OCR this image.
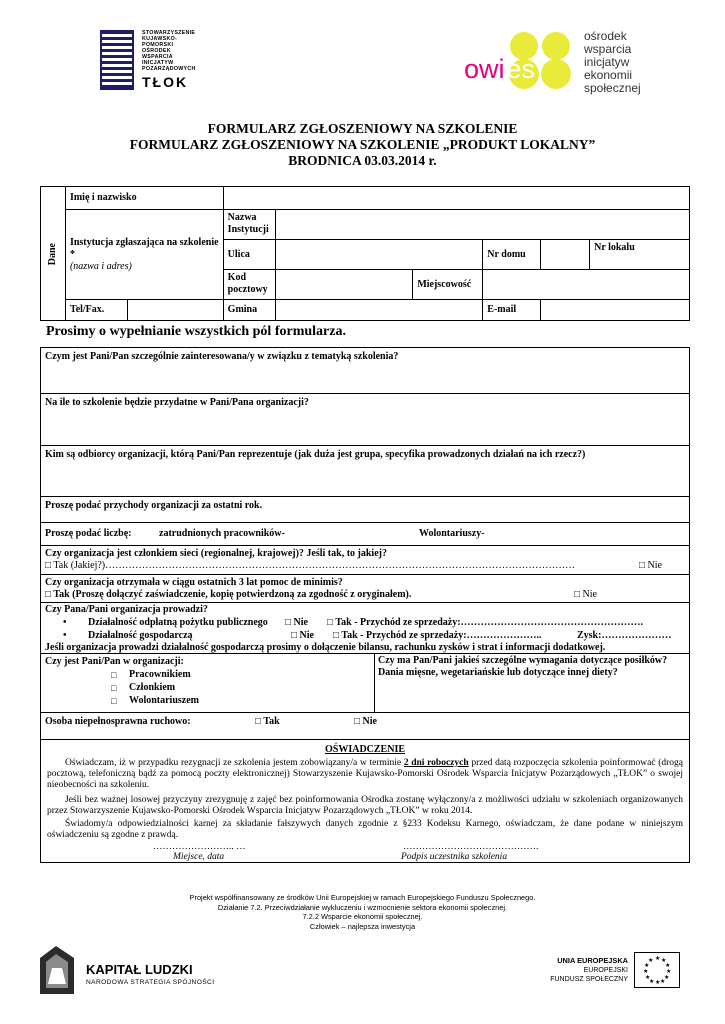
STOWARZYSZENIE
KUJAWSKO-
POMORSKI
OŚRODEK
WSPARCIA
INICJATYW
POZARZĄDOWYCH
TŁOK	owies
ośrodek
wsparcia
inicjatyw
ekonomii
społecznej
FORMULARZ ZGŁOSZENIOWY NA SZKOLENIE
FORMULARZ ZGŁOSZENIOWY NA SZKOLENIE „PRODUKT LOKALNY”
BRODNICA 03.03.2014 r.
Dane	Imię i nazwisko							
	Instytucja zgłaszająca na szkolenie *
(nazwa i adres)		Nazwa Instytucji					
			Ulica			Nr domu		Nr lokalu
			Kod pocztowy		Miejscowość			
	Tel/Fax.		Gmina			E-mail		
Prosimy o wypełnianie wszystkich pól formularza.
Czym jest Pani/Pan szczególnie zainteresowana/y w związku z tematyką szkolenia?
Na ile to szkolenie będzie przydatne w Pani/Pana organizacji?
Kim są odbiorcy organizacji, którą Pani/Pan reprezentuje (jak duża jest grupa, specyfika prowadzonych działań na ich rzecz?)
Proszę podać przychody organizacji za ostatni rok.
Proszę podać liczbę:	zatrudnionych pracowników-	Wolontariuszy-
Czy organizacja jest członkiem sieci (regionalnej, krajowej)? Jeśli tak, to jakiej?
□ Tak (Jakiej?)……………………………………………………………………………………………………………………………	□ Nie
Czy organizacja otrzymała w ciągu ostatnich 3 lat pomoc de minimis?
□ Tak (Proszę dołączyć zaświadczenie, kopię potwierdzoną za zgodność z oryginałem).	□ Nie
Czy Pana/Pani organizacja prowadzi?
• Działalność odpłatną pożytku publicznego □ Nie □ Tak - Przychód ze sprzedaży:……………………………………………….
• Działalność gospodarczą	□ Nie □ Tak - Przychód ze sprzedaży:…………………..	Zysk:…………………
Jeśli organizacja prowadzi działalność gospodarczą prosimy o dołączenie bilansu, rachunku zysków i strat i informacji dodatkowej.
Czy jest Pani/Pan w organizacji:
□ Pracownikiem
□ Członkiem
□ Wolontariuszem
Czy ma Pan/Pani jakieś szczególne wymagania dotyczące posiłków? Dania mięsne, wegetariańskie lub dotyczące innej diety?
Osoba niepełnosprawna ruchowo:	□ Tak	□ Nie
OŚWIADCZENIE
Oświadczam, iż w przypadku rezygnacji ze szkolenia jestem zobowiązany/a w terminie 2 dni roboczych przed datą rozpoczęcia szkolenia poinformować (drogą pocztową, telefoniczną bądź za pomocą poczty elektronicznej) Stowarzyszenie Kujawsko-Pomorski Ośrodek Wsparcia Inicjatyw Pozarządowych „TŁOK” o swojej nieobecności na szkoleniu.
Jeśli bez ważnej losowej przyczyny zrezygnuję z zajęć bez poinformowania Ośrodka zostanę wyłączony/a z możliwości udziału w szkoleniach organizowanych przez Stowarzyszenie Kujawsko-Pomorski Ośrodek Wsparcia Inicjatyw Pozarządowych „TŁOK” w roku 2014.
Świadomy/a odpowiedzialności karnej za składanie fałszywych danych zgodnie z §233 Kodeksu Karnego, oświadczam, że dane podane w niniejszym oświadczeniu są zgodne z prawdą.
…………………….. …	…………………………………….
Miejsce, data	Podpis uczestnika szkolenia
Projekt współfinansowany ze środków Unii Europejskiej w ramach Europejskiego Funduszu Społecznego.
Działanie 7.2. Przeciwdziałanie wykluczeniu i wzmocnienie sektora ekonomii społecznej.
7.2.2 Wsparcie ekonomii społecznej.
Człowiek – najlepsza inwestycja
KAPITAŁ LUDZKI
NARODOWA STRATEGIA SPÓJNOŚCI
UNIA EUROPEJSKA
EUROPEJSKI
FUNDUSZ SPOŁECZNY
★ ★
★
★
★
★
★
★
★
★
★
★
